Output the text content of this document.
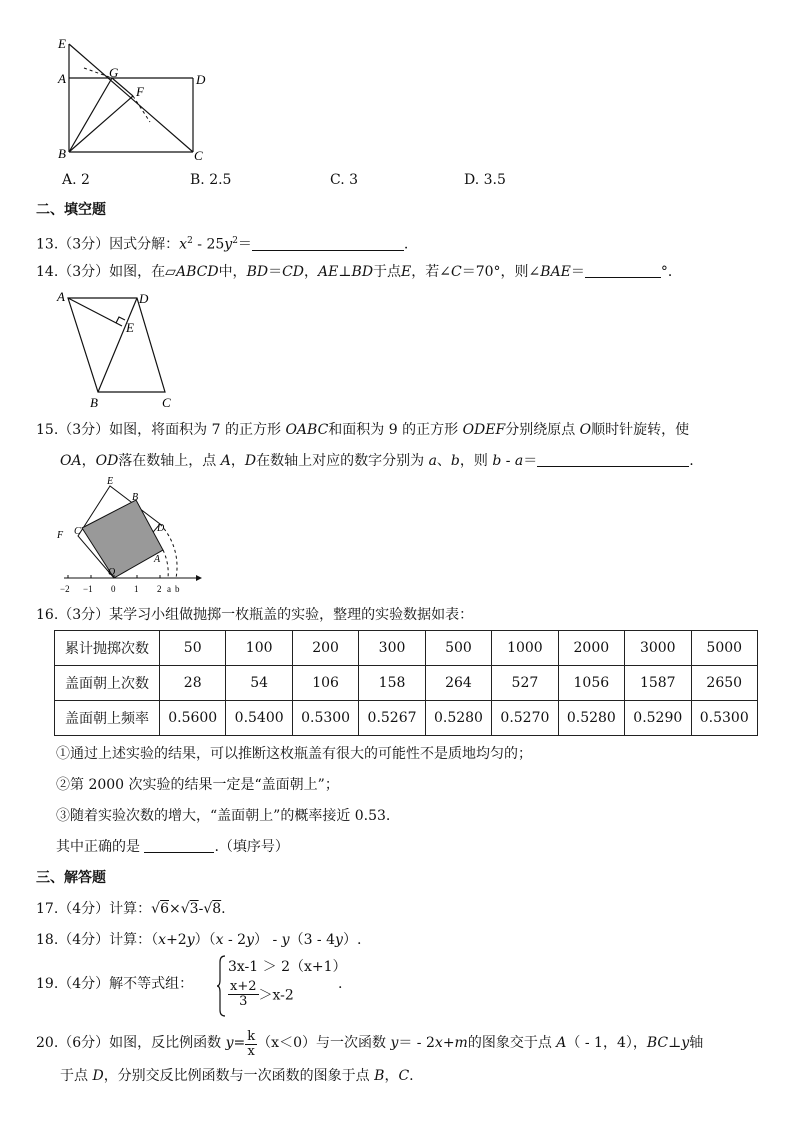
E
A	G	D
F
B	C
A. 2	B. 2.5	C. 3	D. 3.5
二、填空题
13.（3分）因式分解：$x^2 - 25y^2=$	.
14.（3分）如图，在▱ABCD中，BD＝CD，AE⊥BD于点E，若∠C＝70°，则∠BAE＝	°．
A	D
E
B	C
15.（3分）如图，将面积为 7 的正方形 OABC和面积为 9 的正方形 ODEF分别绕原点 O顺时针旋转，使
OA，OD落在数轴上，点 A，D在数轴上对应的数字分别为 a、b，则 b - a＝	.
E
B
F C	D
A
O
−2 −1 0 1 2 a b
16.（3分）某学习小组做抛掷一枚瓶盖的实验，整理的实验数据如表：
累计抛掷次数	50	100	200	300	500	1000	2000	3000	5000
盖面朝上次数	28	54	106	158	264	527	1056	1587	2650
盖面朝上频率	0.5600	0.5400	0.5300	0.5267	0.5280	0.5270	0.5280	0.5290	0.5300
①通过上述实验的结果，可以推断这枚瓶盖有很大的可能性不是质地均匀的；
②第 2000 次实验的结果一定是“盖面朝上”；
③随着实验次数的增大，“盖面朝上”的概率接近 0.53.
其中正确的是	.（填序号）
三、解答题
17.（4分）计算：√6×√3-√8.
18.（4分）计算：（x+2y）（x - 2y） - y（3 - 4y）.
19.（4分）解不等式组：
3x-1 ＞ 2（x+1）
$\frac{x+2}{3} >x-2$
.
20.（6分）如图，反比例函数 $y= \frac{k}{x} (x<0)$与一次函数 y＝ - 2x+m的图象交于点 A（ - 1，4），BC⊥y轴
于点 D，分别交反比例函数与一次函数的图象于点 B，C.
